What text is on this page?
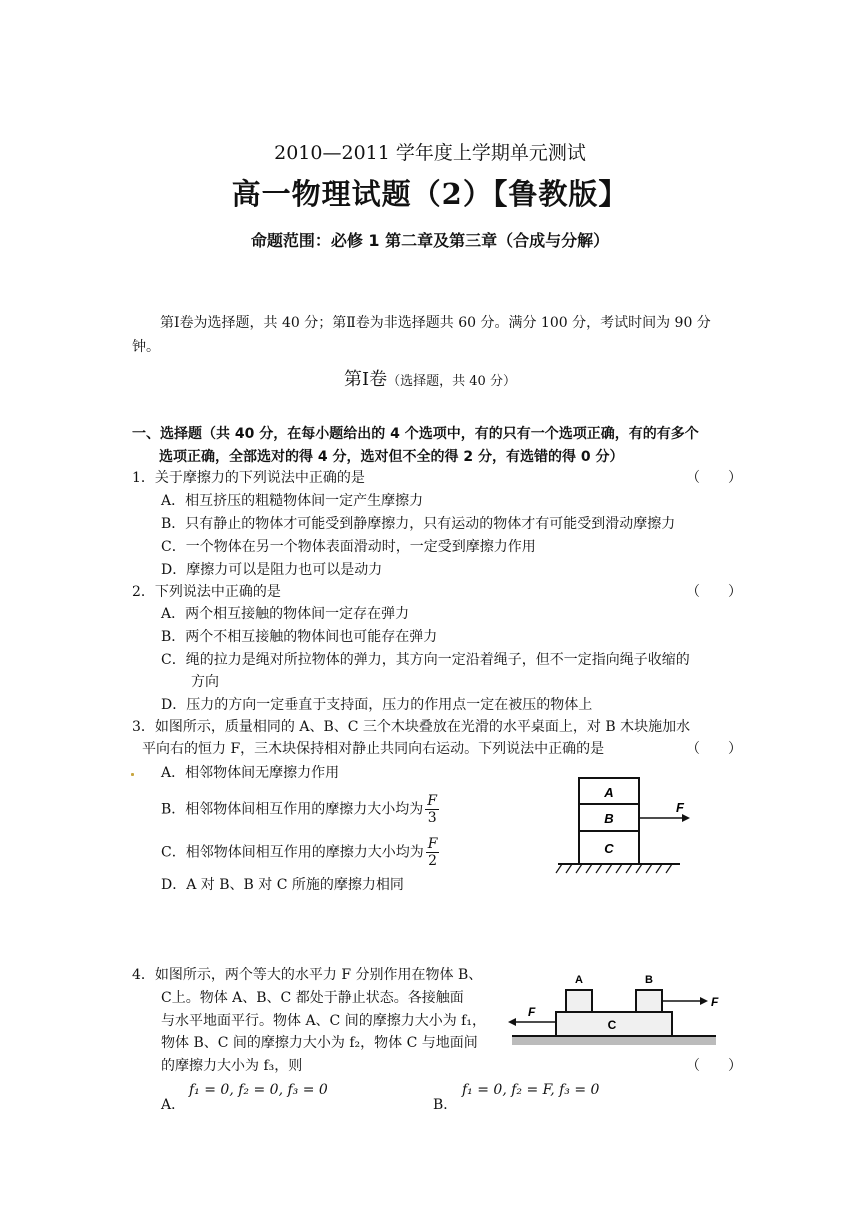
2010—2011 学年度上学期单元测试
高一物理试题（2）【鲁教版】
命题范围：必修 1 第二章及第三章（合成与分解）
第Ⅰ卷为选择题，共 40 分；第Ⅱ卷为非选择题共 60 分。满分 100 分，考试时间为 90 分钟。
第Ⅰ卷（选择题，共 40 分）
一、选择题（共 40 分，在每小题给出的 4 个选项中，有的只有一个选项正确，有的有多个
选项正确，全部选对的得 4 分，选对但不全的得 2 分，有选错的得 0 分）
1．关于摩擦力的下列说法中正确的是	（　　）
A．相互挤压的粗糙物体间一定产生摩擦力
B．只有静止的物体才可能受到静摩擦力，只有运动的物体才有可能受到滑动摩擦力
C．一个物体在另一个物体表面滑动时，一定受到摩擦力作用
D．摩擦力可以是阻力也可以是动力
2．下列说法中正确的是	（　　）
A．两个相互接触的物体间一定存在弹力
B．两个不相互接触的物体间也可能存在弹力
C．绳的拉力是绳对所拉物体的弹力，其方向一定沿着绳子，但不一定指向绳子收缩的
方向
D．压力的方向一定垂直于支持面，压力的作用点一定在被压的物体上
3．如图所示，质量相同的 A、B、C 三个木块叠放在光滑的水平桌面上，对 B 木块施加水
平向右的恒力 F，三木块保持相对静止共同向右运动。下列说法中正确的是	（　　）
A．相邻物体间无摩擦力作用
B．相邻物体间相互作用的摩擦力大小均为 $\frac{F}{3}$
C．相邻物体间相互作用的摩擦力大小均为 $\frac{F}{2}$
D．A 对 B、B 对 C 所施的摩擦力相同
A
B
C
F
4．如图所示，两个等大的水平力 F 分别作用在物体 B、
C上。物体 A、B、C 都处于静止状态。各接触面
与水平地面平行。物体 A、C 间的摩擦力大小为 f₁，
物体 B、C 间的摩擦力大小为 f₂，物体 C 与地面间
的摩擦力大小为 f₃，则	（　　）
A．
f₁ = 0, f₂ = 0, f₃ = 0
B．
f₁ = 0, f₂ = F, f₃ = 0
A	B
C
F
F
